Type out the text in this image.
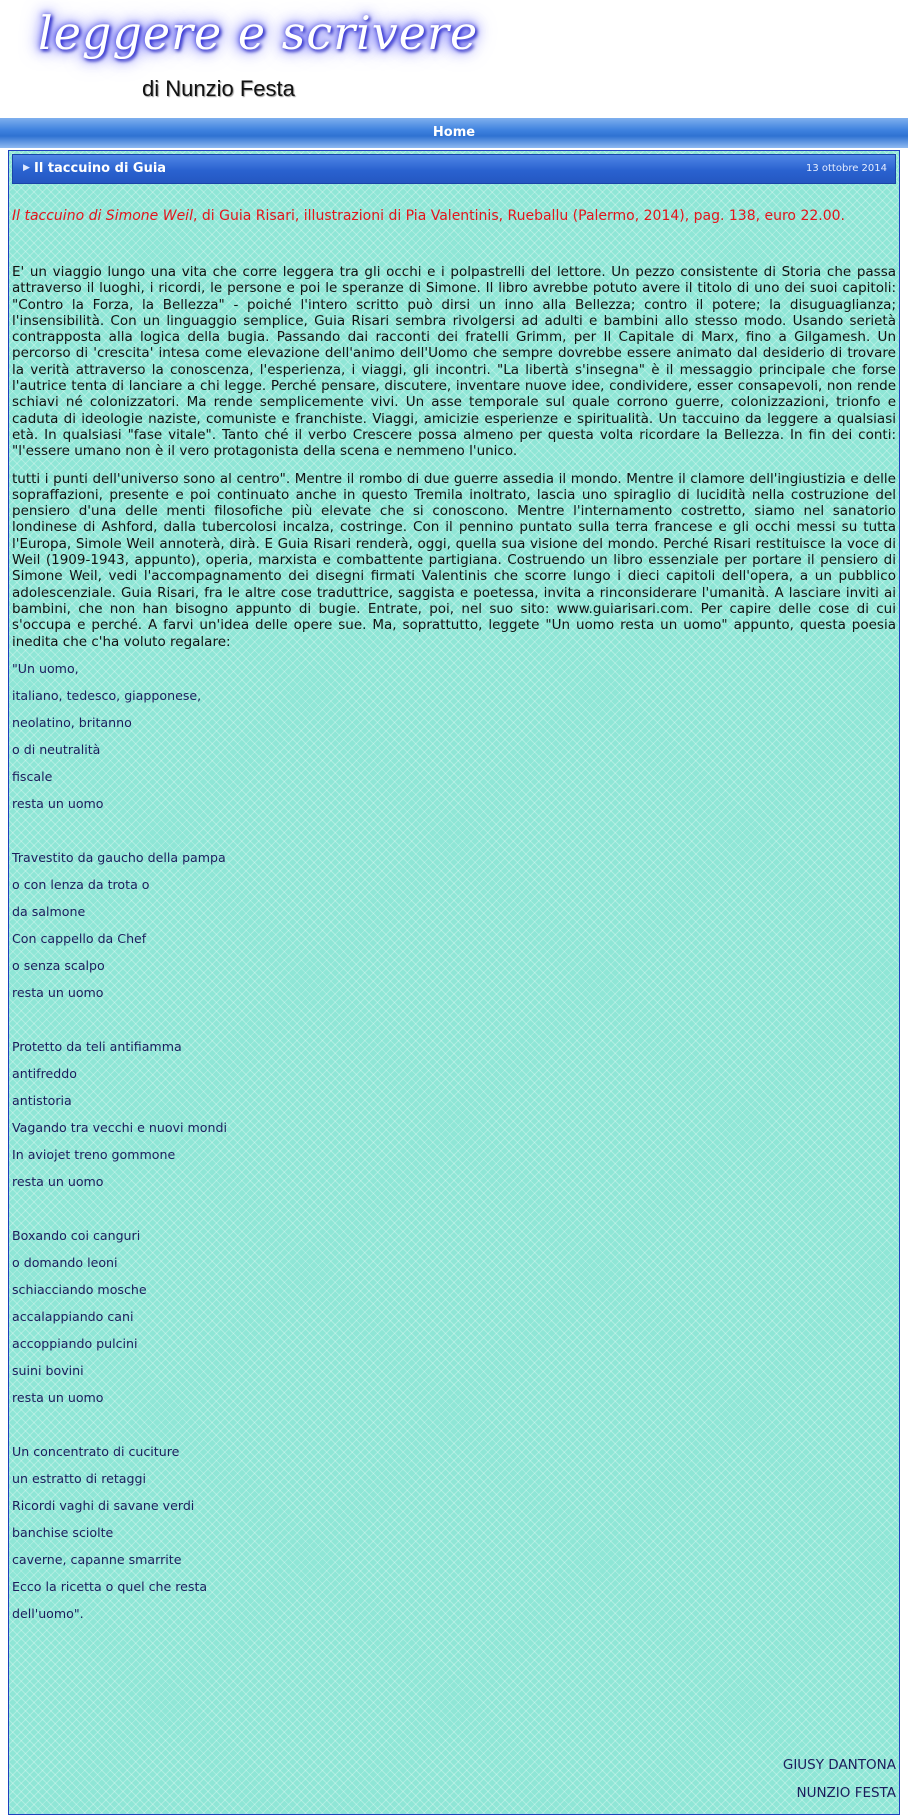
leggere e scrivere
di Nunzio Festa
Home
▶ Il taccuino di Guia	13 ottobre 2014

Il taccuino di Simone Weil, di Guia Risari, illustrazioni di Pia Valentinis, Rueballu (Palermo, 2014), pag. 138, euro 22.00.

E' un viaggio lungo una vita che corre leggera tra gli occhi e i polpastrelli del lettore. Un pezzo consistente di Storia che passa attraverso il luoghi, i ricordi, le persone e poi le speranze di Simone. Il libro avrebbe potuto avere il titolo di uno dei suoi capitoli: "Contro la Forza, la Bellezza" - poiché l'intero scritto può dirsi un inno alla Bellezza; contro il potere; la disuguaglianza; l'insensibilità. Con un linguaggio semplice, Guia Risari sembra rivolgersi ad adulti e bambini allo stesso modo. Usando serietà contrapposta alla logica della bugia. Passando dai racconti dei fratelli Grimm, per Il Capitale di Marx, fino a Gilgamesh. Un percorso di 'crescita' intesa come elevazione dell'animo dell'Uomo che sempre dovrebbe essere animato dal desiderio di trovare la verità attraverso la conoscenza, l'esperienza, i viaggi, gli incontri. "La libertà s'insegna" è il messaggio principale che forse l'autrice tenta di lanciare a chi legge. Perché pensare, discutere, inventare nuove idee, condividere, esser consapevoli, non rende schiavi né colonizzatori. Ma rende semplicemente vivi. Un asse temporale sul quale corrono guerre, colonizzazioni, trionfo e caduta di ideologie naziste, comuniste e franchiste. Viaggi, amicizie esperienze e spiritualità. Un taccuino da leggere a qualsiasi età. In qualsiasi "fase vitale". Tanto ché il verbo Crescere possa almeno per questa volta ricordare la Bellezza. In fin dei conti: "l'essere umano non è il vero protagonista della scena e nemmeno l'unico.

tutti i punti dell'universo sono al centro". Mentre il rombo di due guerre assedia il mondo. Mentre il clamore dell'ingiustizia e delle sopraffazioni, presente e poi continuato anche in questo Tremila inoltrato, lascia uno spiraglio di lucidità nella costruzione del pensiero d'una delle menti filosofiche più elevate che si conoscono. Mentre l'internamento costretto, siamo nel sanatorio londinese di Ashford, dalla tubercolosi incalza, costringe. Con il pennino puntato sulla terra francese e gli occhi messi su tutta l'Europa, Simole Weil annoterà, dirà. E Guia Risari renderà, oggi, quella sua visione del mondo. Perché Risari restituisce la voce di Weil (1909-1943, appunto), operia, marxista e combattente partigiana. Costruendo un libro essenziale per portare il pensiero di Simone Weil, vedi l'accompagnamento dei disegni firmati Valentinis che scorre lungo i dieci capitoli dell'opera, a un pubblico adolescenziale. Guia Risari, fra le altre cose traduttrice, saggista e poetessa, invita a rinconsiderare l'umanità. A lasciare inviti ai bambini, che non han bisogno appunto di bugie. Entrate, poi, nel suo sito: www.guiarisari.com. Per capire delle cose di cui s'occupa e perché. A farvi un'idea delle opere sue. Ma, soprattutto, leggete "Un uomo resta un uomo" appunto, questa poesia inedita che c'ha voluto regalare:

"Un uomo,

italiano, tedesco, giapponese,

neolatino, britanno

o di neutralità

fiscale

resta un uomo

Travestito da gaucho della pampa

o con lenza da trota o

da salmone

Con cappello da Chef

o senza scalpo

resta un uomo

Protetto da teli antifiamma

antifreddo

antistoria

Vagando tra vecchi e nuovi mondi

In aviojet treno gommone

resta un uomo

Boxando coi canguri

o domando leoni

schiacciando mosche

accalappiando cani

accoppiando pulcini

suini bovini

resta un uomo

Un concentrato di cuciture

un estratto di retaggi

Ricordi vaghi di savane verdi

banchise sciolte

caverne, capanne smarrite

Ecco la ricetta o quel che resta

dell'uomo".

GIUSY DANTONA

NUNZIO FESTA
